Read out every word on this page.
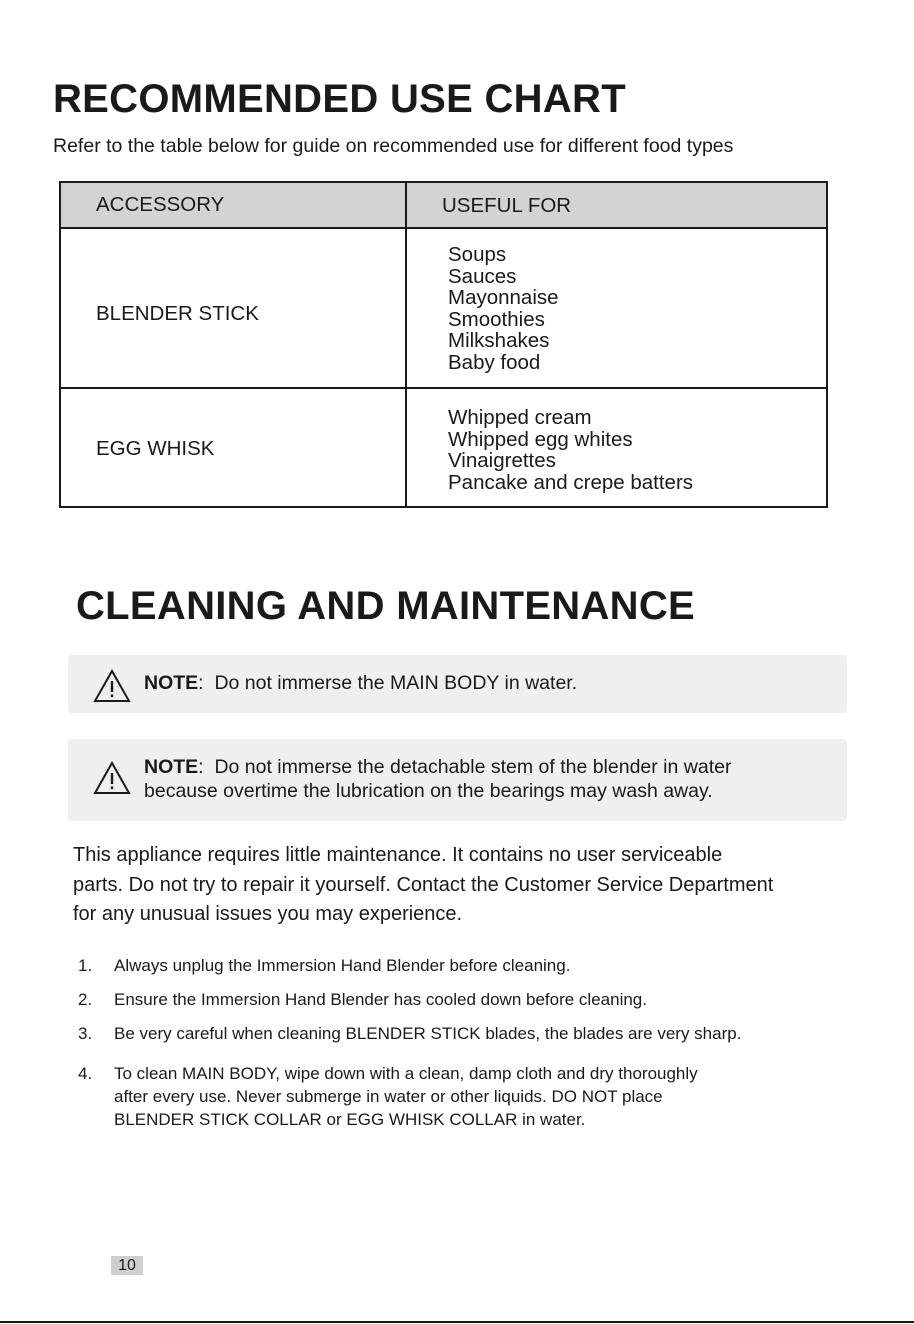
RECOMMENDED USE CHART
Refer to the table below for guide on recommended use for different food types
ACCESSORY	USEFUL FOR
BLENDER STICK
Soups
Sauces
Mayonnaise
Smoothies
Milkshakes
Baby food
EGG WHISK
Whipped cream
Whipped egg whites
Vinaigrettes
Pancake and crepe batters
CLEANING AND MAINTENANCE
NOTE: Do not immerse the MAIN BODY in water.
NOTE: Do not immerse the detachable stem of the blender in water
because overtime the lubrication on the bearings may wash away.
This appliance requires little maintenance. It contains no user serviceable
parts. Do not try to repair it yourself. Contact the Customer Service Department
for any unusual issues you may experience.
1. Always unplug the Immersion Hand Blender before cleaning.
2. Ensure the Immersion Hand Blender has cooled down before cleaning.
3. Be very careful when cleaning BLENDER STICK blades, the blades are very sharp.
4. To clean MAIN BODY, wipe down with a clean, damp cloth and dry thoroughly
after every use. Never submerge in water or other liquids. DO NOT place
BLENDER STICK COLLAR or EGG WHISK COLLAR in water.
10
